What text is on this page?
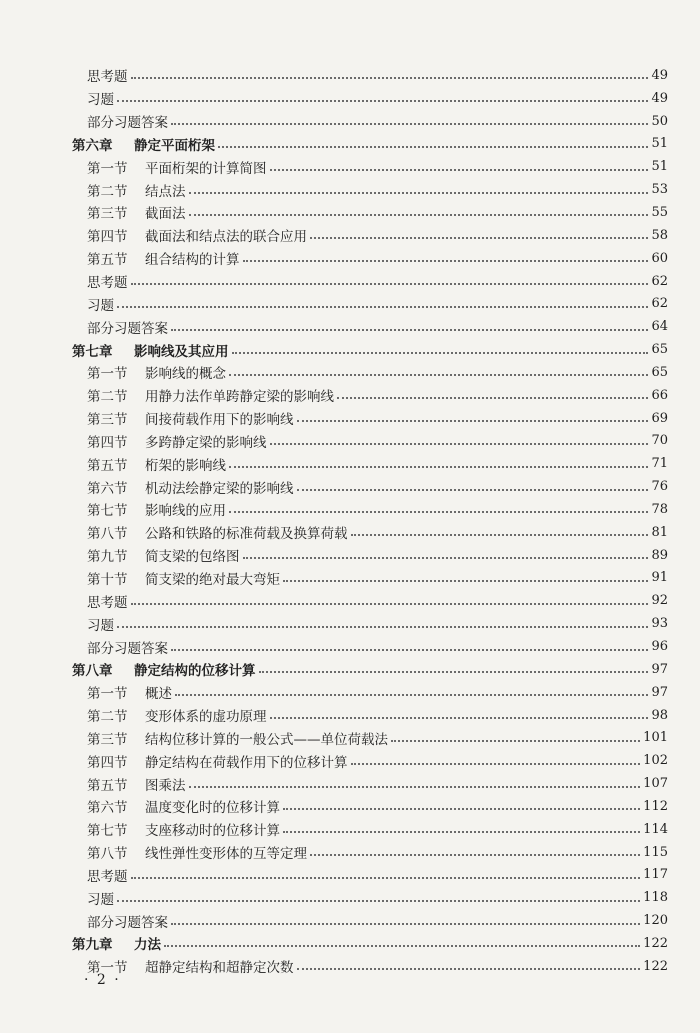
思考题	49
习题	49
部分习题答案	50
第六章	静定平面桁架	51
第一节	平面桁架的计算简图	51
第二节	结点法	53
第三节	截面法	55
第四节	截面法和结点法的联合应用	58
第五节	组合结构的计算	60
思考题	62
习题	62
部分习题答案	64
第七章	影响线及其应用	65
第一节	影响线的概念	65
第二节	用静力法作单跨静定梁的影响线	66
第三节	间接荷载作用下的影响线	69
第四节	多跨静定梁的影响线	70
第五节	桁架的影响线	71
第六节	机动法绘静定梁的影响线	76
第七节	影响线的应用	78
第八节	公路和铁路的标准荷载及换算荷载	81
第九节	简支梁的包络图	89
第十节	简支梁的绝对最大弯矩	91
思考题	92
习题	93
部分习题答案	96
第八章	静定结构的位移计算	97
第一节	概述	97
第二节	变形体系的虚功原理	98
第三节	结构位移计算的一般公式——单位荷载法	101
第四节	静定结构在荷载作用下的位移计算	102
第五节	图乘法	107
第六节	温度变化时的位移计算	112
第七节	支座移动时的位移计算	114
第八节	线性弹性变形体的互等定理	115
思考题	117
习题	118
部分习题答案	120
第九章	力法	122
第一节	超静定结构和超静定次数	122
· 2 ·
